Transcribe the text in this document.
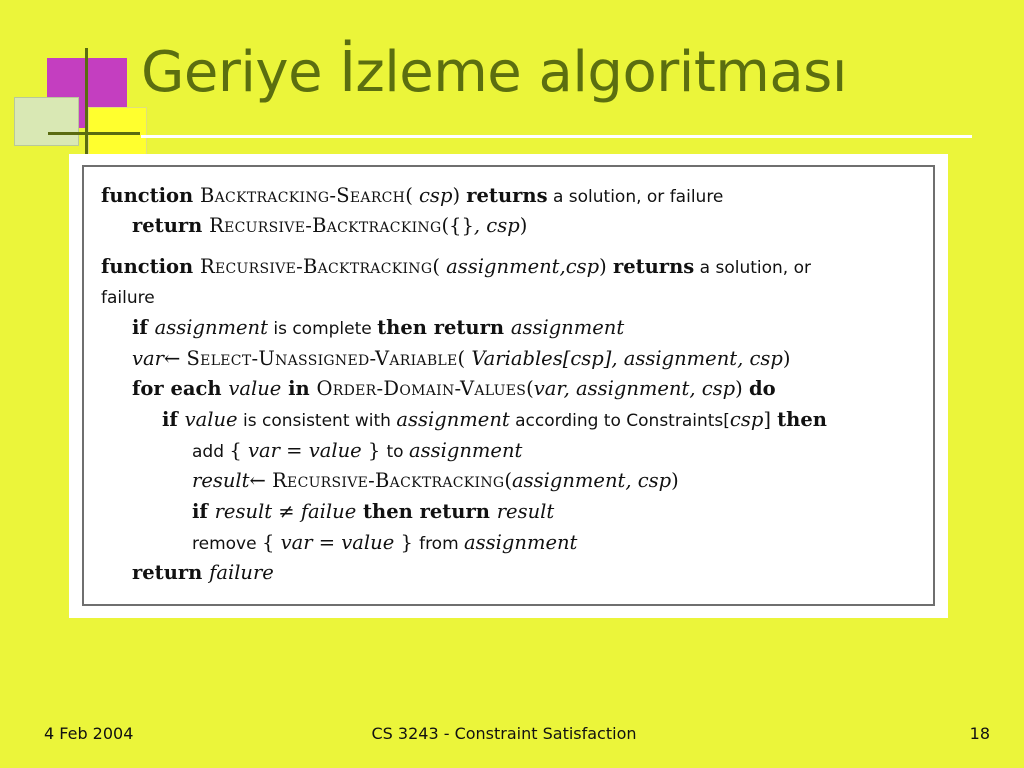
Geriye İzleme algoritması
function Backtracking-Search( csp) returns a solution, or failure
return Recursive-Backtracking({}, csp)
function Recursive-Backtracking( assignment,csp) returns a solution, or
failure
if assignment is complete then return assignment
var← Select-Unassigned-Variable( Variables[csp], assignment, csp)
for each value in Order-Domain-Values(var, assignment, csp) do
if value is consistent with assignment according to Constraints[csp] then
add { var = value } to assignment
result← Recursive-Backtracking(assignment, csp)
if result ≠ failue then return result
remove { var = value } from assignment
return failure
4 Feb 2004	CS 3243 - Constraint Satisfaction	18
